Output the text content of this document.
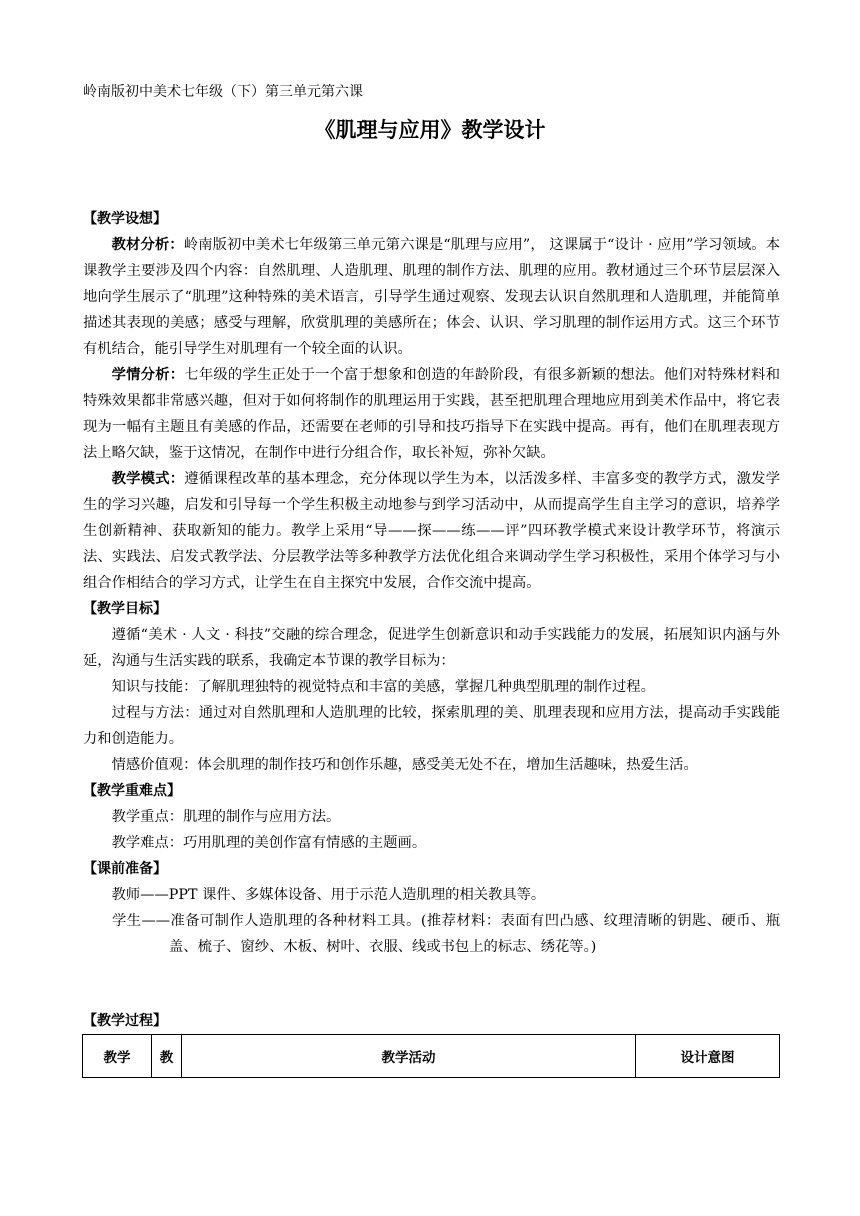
岭南版初中美术七年级（下）第三单元第六课
《肌理与应用》教学设计

【教学设想】

教材分析：岭南版初中美术七年级第三单元第六课是“肌理与应用”， 这课属于“设计 · 应用”学习领域。本课教学主要涉及四个内容：自然肌理、人造肌理、肌理的制作方法、肌理的应用。教材通过三个环节层层深入地向学生展示了“肌理”这种特殊的美术语言，引导学生通过观察、发现去认识自然肌理和人造肌理，并能简单描述其表现的美感；感受与理解，欣赏肌理的美感所在；体会、认识、学习肌理的制作运用方式。这三个环节有机结合，能引导学生对肌理有一个较全面的认识。

学情分析：七年级的学生正处于一个富于想象和创造的年龄阶段，有很多新颖的想法。他们对特殊材料和特殊效果都非常感兴趣，但对于如何将制作的肌理运用于实践，甚至把肌理合理地应用到美术作品中，将它表现为一幅有主题且有美感的作品，还需要在老师的引导和技巧指导下在实践中提高。再有，他们在肌理表现方法上略欠缺，鉴于这情况，在制作中进行分组合作，取长补短，弥补欠缺。

教学模式：遵循课程改革的基本理念，充分体现以学生为本，以活泼多样、丰富多变的教学方式，激发学生的学习兴趣，启发和引导每一个学生积极主动地参与到学习活动中，从而提高学生自主学习的意识，培养学生创新精神、获取新知的能力。教学上采用“导——探——练——评”四环教学模式来设计教学环节，将演示法、实践法、启发式教学法、分层教学法等多种教学方法优化组合来调动学生学习积极性，采用个体学习与小组合作相结合的学习方式，让学生在自主探究中发展，合作交流中提高。

【教学目标】

遵循“美术 · 人文 · 科技”交融的综合理念，促进学生创新意识和动手实践能力的发展，拓展知识内涵与外延，沟通与生活实践的联系，我确定本节课的教学目标为：

知识与技能：了解肌理独特的视觉特点和丰富的美感，掌握几种典型肌理的制作过程。

过程与方法：通过对自然肌理和人造肌理的比较，探索肌理的美、肌理表现和应用方法，提高动手实践能力和创造能力。

情感价值观：体会肌理的制作技巧和创作乐趣，感受美无处不在，增加生活趣味，热爱生活。

【教学重难点】

教学重点：肌理的制作与应用方法。

教学难点：巧用肌理的美创作富有情感的主题画。

【课前准备】

教师——PPT 课件、多媒体设备、用于示范人造肌理的相关教具等。

学生——准备可制作人造肌理的各种材料工具。(推荐材料：表面有凹凸感、纹理清晰的钥匙、硬币、瓶盖、梳子、窗纱、木板、树叶、衣服、线或书包上的标志、绣花等。)

【教学过程】
教学	教	教学活动	设计意图
